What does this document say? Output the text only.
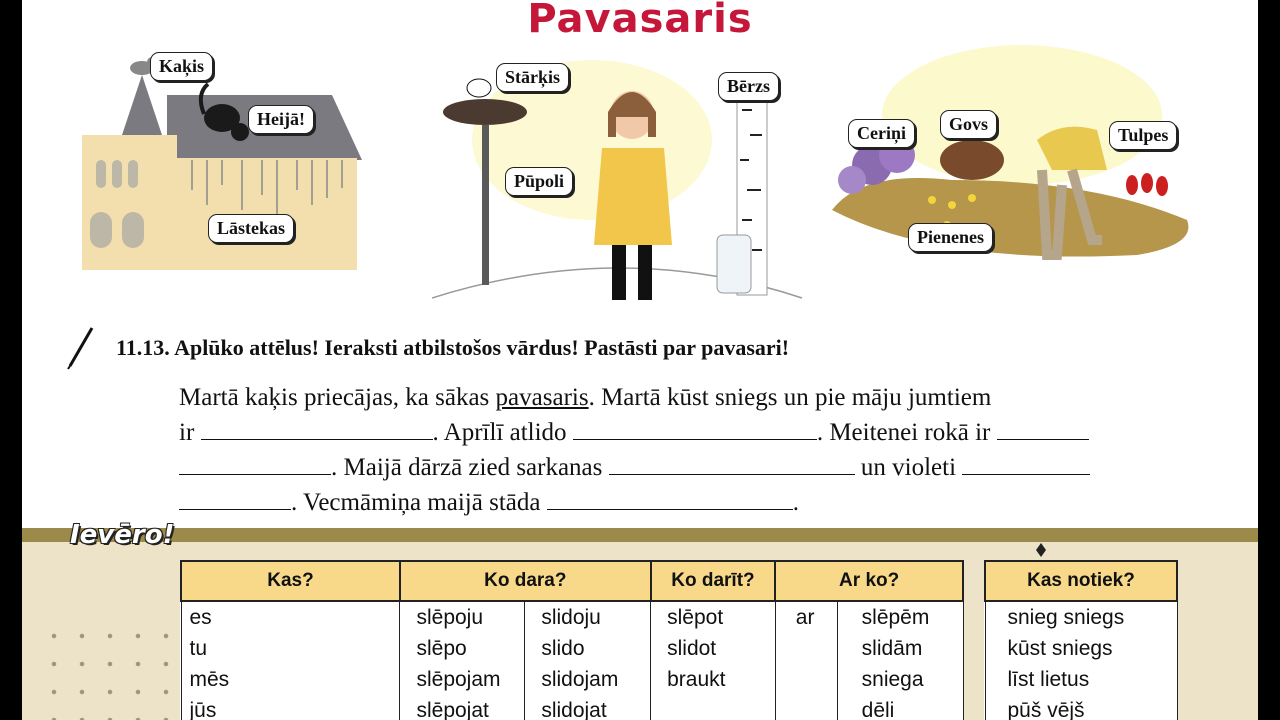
Pavasaris
Kaķis
Heijā!
Lāstekas
Stārķis	Bērzs
Pūpoli
Ceriņi	Govs
Tulpes
Pienenes
11.13. Aplūko attēlus! Ieraksti atbilstošos vārdus! Pastāsti par pavasari!
Martā kaķis priecājas, ka sākas pavasaris. Martā kūst sniegs un pie māju jumtiem
ir	. Aprīlī atlido	. Meitenei rokā ir
. Maijā dārzā zied sarkanas	un violeti
. Vecmāmiņa maijā stāda	.
Ievēro!
Kas?	Ko dara?		Ko darīt?	Ar ko?	
es	slēpoju	slidoju	slēpot	ar	slēpēm
tu	slēpo	slido	slidot		slidām
mēs	slēpojam	slidojam	braukt		sniega
jūs	slēpojat	slidojat			dēli
Kas notiek?
snieg sniegs
kūst sniegs
līst lietus
pūš vējš
